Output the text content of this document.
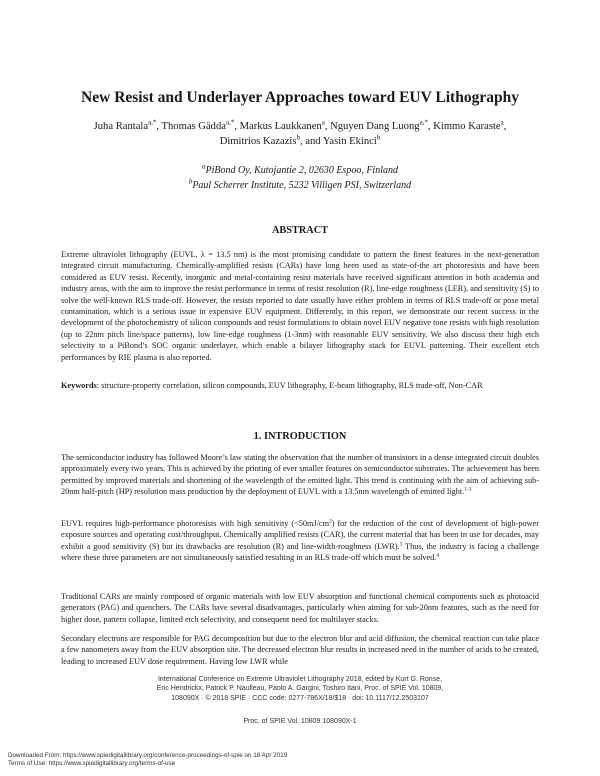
New Resist and Underlayer Approaches toward EUV Lithography
Juha Rantala$^{a,*}$, Thomas Gädda$^{a,*}$, Markus Laukkanen$^a$, Nguyen Dang Luong$^{a,*}$, Kimmo Karaste$^a$,
Dimitrios Kazazis$^b$, and Yasin Ekinci$^b$
$^a$PiBond Oy, Kutojantie 2, 02630 Espoo, Finland
$^b$Paul Scherrer Institute, 5232 Villigen PSI, Switzerland
ABSTRACT
Extreme ultraviolet lithography (EUVL, λ = 13.5 nm) is the most promising candidate to pattern the finest features in the next-generation integrated circuit manufacturing. Chemically-amplified resists (CARs) have long been used as state-of-the art photoresists and have been considered as EUV resist. Recently, inorganic and metal-containing resist materials have received significant attention in both academia and industry areas, with the aim to improve the resist performance in terms of resist resolution (R), line-edge roughness (LER), and sensitivity (S) to solve the well-known RLS trade-off. However, the resists reported to date usually have either problem in terms of RLS trade-off or pose metal contamination, which is a serious issue in expensive EUV equipment. Differently, in this report, we demonstrate our recent success in the development of the photochemistry of silicon compounds and resist formulations to obtain novel EUV negative tone resists with high resolution (up to 22nm pitch line/space patterns), low line-edge roughness (1-3nm) with reasonable EUV sensitivity. We also discuss their high etch selectivity to a PiBond’s SOC organic underlayer, which enable a bilayer lithography stack for EUVL patterning. Their excellent etch performances by RIE plasma is also reported.
Keywords: structure-property correlation, silicon compounds, EUV lithography, E-beam lithography, RLS trade-off, Non-CAR
1. INTRODUCTION
The semiconductor industry has followed Moore’s law stating the observation that the number of transistors in a dense integrated circuit doubles approximately every two years. This is achieved by the printing of ever smaller features on semiconductor substrates. The achievement has been permitted by improved materials and shortening of the wavelength of the emitted light. This trend is continuing with the aim of achieving sub-20nm half-pitch (HP) resolution mass production by the deployment of EUVL with a 13.5nm wavelength of emitted light.$^{1-3}$
EUVL requires high-performance photoresists with high sensitivity $(<50mJ/cm^2)$ for the reduction of the cost of development of high-power exposure sources and operating cost/throughput. Chemically amplified resists (CAR), the current material that has been in use for decades, may exhibit a good sensitivity (S) but its drawbacks are resolution (R) and line-width-roughness (LWR).$^3$ Thus, the industry is facing a challenge where these three parameters are not simultaneously satisfied resulting in an RLS trade-off which must be solved.$^4$
Traditional CARs are mainly composed of organic materials with low EUV absorption and functional chemical components such as photoacid generators (PAG) and quenchers. The CARs have several disadvantages, particularly when aiming for sub-20nm features, such as the need for higher dose, pattern collapse, limited etch selectivity, and consequent need for multilayer stacks.
Secondary electrons are responsible for PAG decomposition but due to the electron blur and acid diffusion, the chemical reaction can take place a few nanometers away from the EUV absorption site. The decreased electron blur results in increased need in the number of acids to be created, leading to increased EUV dose requirement. Having low LWR while
International Conference on Extreme Ultraviolet Lithography 2018, edited by Kurt G. Ronse,
Eric Hendrickx, Patrick P. Naulleau, Paolo A. Gargini, Toshiro Itani, Proc. of SPIE Vol. 10809,
108090X · © 2018 SPIE · CCC code: 0277-786X/18/$18 · doi: 10.1117/12.2503107
Proc. of SPIE Vol. 10809 108090X-1
Downloaded From: https://www.spiedigitallibrary.org/conference-proceedings-of-spie on 18 Apr 2019
Terms of Use: https://www.spiedigitallibrary.org/terms-of-use
